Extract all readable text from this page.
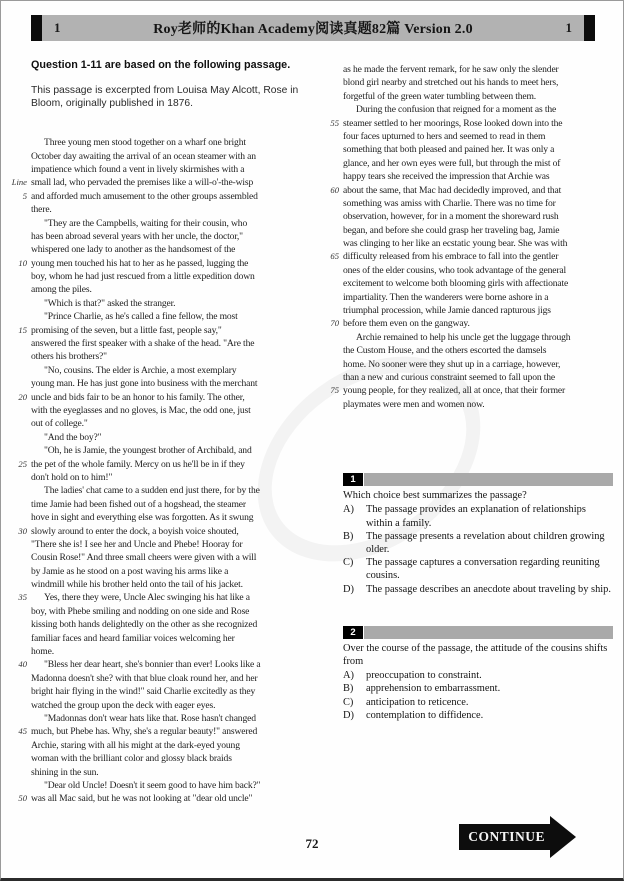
1	Roy老师的Khan Academy阅读真题82篇 Version 2.0	1
Question 1-11 are based on the following passage.
This passage is excerpted from Louisa May Alcott, Rose in Bloom, originally published in 1876.
Three young men stood together on a wharf one bright
October day awaiting the arrival of an ocean steamer with an
impatience which found a vent in lively skirmishes with a
Line small lad, who pervaded the premises like a will-o'-the-wisp
5 and afforded much amusement to the other groups assembled
there.
"They are the Campbells, waiting for their cousin, who
has been abroad several years with her uncle, the doctor,"
whispered one lady to another as the handsomest of the
10 young men touched his hat to her as he passed, lugging the
boy, whom he had just rescued from a little expedition down
among the piles.
"Which is that?" asked the stranger.
"Prince Charlie, as he's called a fine fellow, the most
15 promising of the seven, but a little fast, people say,"
answered the first speaker with a shake of the head. "Are the
others his brothers?"
"No, cousins. The elder is Archie, a most exemplary
young man. He has just gone into business with the merchant
20 uncle and bids fair to be an honor to his family. The other,
with the eyeglasses and no gloves, is Mac, the odd one, just
out of college."
"And the boy?"
"Oh, he is Jamie, the youngest brother of Archibald, and
25 the pet of the whole family. Mercy on us he'll be in if they
don't hold on to him!"
The ladies' chat came to a sudden end just there, for by the
time Jamie had been fished out of a hogshead, the steamer
hove in sight and everything else was forgotten. As it swung
30 slowly around to enter the dock, a boyish voice shouted,
"There she is! I see her and Uncle and Phebe! Hooray for
Cousin Rose!" And three small cheers were given with a will
by Jamie as he stood on a post waving his arms like a
windmill while his brother held onto the tail of his jacket.
35	Yes, there they were, Uncle Alec swinging his hat like a
boy, with Phebe smiling and nodding on one side and Rose
kissing both hands delightedly on the other as she recognized
familiar faces and heard familiar voices welcoming her
home.
40	"Bless her dear heart, she's bonnier than ever! Looks like a
Madonna doesn't she? with that blue cloak round her, and her
bright hair flying in the wind!" said Charlie excitedly as they
watched the group upon the deck with eager eyes.
"Madonnas don't wear hats like that. Rose hasn't changed
45 much, but Phebe has. Why, she's a regular beauty!" answered
Archie, staring with all his might at the dark-eyed young
woman with the brilliant color and glossy black braids
shining in the sun.
"Dear old Uncle! Doesn't it seem good to have him back?"
50 was all Mac said, but he was not looking at "dear old uncle"
as he made the fervent remark, for he saw only the slender
blond girl nearby and stretched out his hands to meet hers,
forgetful of the green water tumbling between them.
During the confusion that reigned for a moment as the
55 steamer settled to her moorings, Rose looked down into the
four faces upturned to hers and seemed to read in them
something that both pleased and pained her. It was only a
glance, and her own eyes were full, but through the mist of
happy tears she received the impression that Archie was
60 about the same, that Mac had decidedly improved, and that
something was amiss with Charlie. There was no time for
observation, however, for in a moment the shoreward rush
began, and before she could grasp her traveling bag, Jamie
was clinging to her like an ecstatic young bear. She was with
65 difficulty released from his embrace to fall into the gentler
ones of the elder cousins, who took advantage of the general
excitement to welcome both blooming girls with affectionate
impartiality. Then the wanderers were borne ashore in a
triumphal procession, while Jamie danced rapturous jigs
70 before them even on the gangway.
Archie remained to help his uncle get the luggage through
the Custom House, and the others escorted the damsels
home. No sooner were they shut up in a carriage, however,
than a new and curious constraint seemed to fall upon the
75 young people, for they realized, all at once, that their former
playmates were men and women now.
1
Which choice best summarizes the passage?
A)	The passage provides an explanation of relationships within a family.
B)	The passage presents a revelation about children growing older.
C)	The passage captures a conversation regarding reuniting cousins.
D)	The passage describes an anecdote about traveling by ship.
2
Over the course of the passage, the attitude of the cousins shifts from
A)	preoccupation to constraint.
B)	apprehension to embarrassment.
C)	anticipation to reticence.
D)	contemplation to diffidence.
72	CONTINUE
